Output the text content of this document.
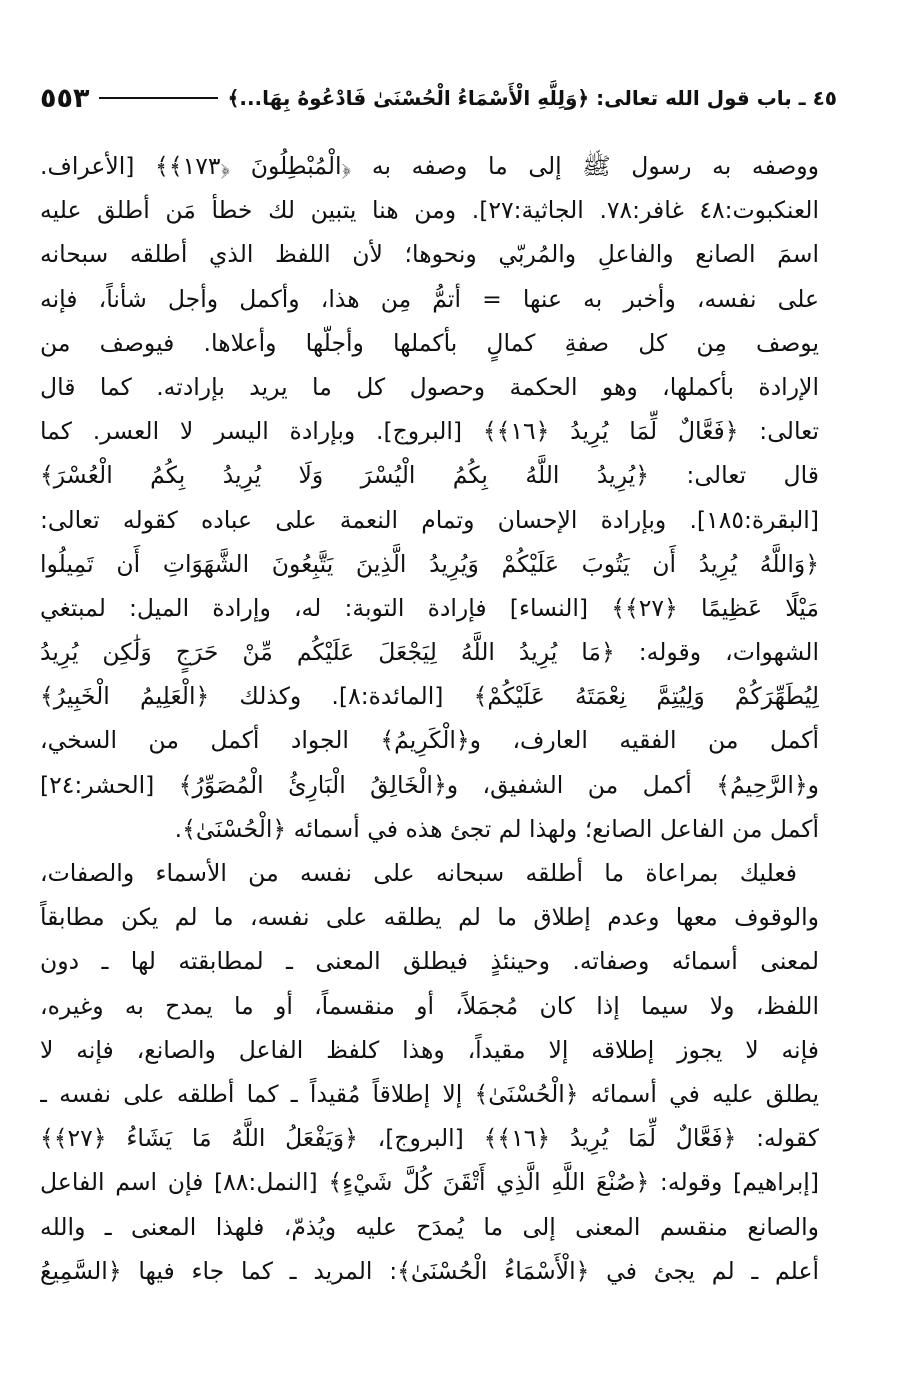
٥٥٣	٤٥ ـ باب قول الله تعالى: ﴿وَلِلَّهِ الْأَسْمَاءُ الْحُسْنَىٰ فَادْعُوهُ بِهَا...﴾
ووصفه به رسول ﷺ إلى ما وصفه به ﴿الْمُبْطِلُونَ ﴿١٧٣﴾﴾ [الأعراف.
العنكبوت:٤٨ غافر:٧٨. الجاثية:٢٧]. ومن هنا يتبين لك خطأ مَن أطلق عليه
اسمَ الصانع والفاعلِ والمُربّي ونحوها؛ لأن اللفظ الذي أطلقه سبحانه
على نفسه، وأخبر به عنها = أتمُّ مِن هذا، وأكمل وأجل شأناً، فإنه
يوصف مِن كل صفةِ كمالٍ بأكملها وأجلّها وأعلاها. فيوصف من
الإرادة بأكملها، وهو الحكمة وحصول كل ما يريد بإرادته. كما قال
تعالى: ﴿فَعَّالٌ لِّمَا يُرِيدُ ﴿١٦﴾﴾ [البروج]. وبإرادة اليسر لا العسر. كما
قال تعالى: ﴿يُرِيدُ اللَّهُ بِكُمُ الْيُسْرَ وَلَا يُرِيدُ بِكُمُ الْعُسْرَ﴾
[البقرة:١٨٥]. وبإرادة الإحسان وتمام النعمة على عباده كقوله تعالى:
﴿وَاللَّهُ يُرِيدُ أَن يَتُوبَ عَلَيْكُمْ وَيُرِيدُ الَّذِينَ يَتَّبِعُونَ الشَّهَوَاتِ أَن تَمِيلُوا
مَيْلًا عَظِيمًا ﴿٢٧﴾﴾ [النساء] فإرادة التوبة: له، وإرادة الميل: لمبتغي
الشهوات، وقوله: ﴿مَا يُرِيدُ اللَّهُ لِيَجْعَلَ عَلَيْكُم مِّنْ حَرَجٍ وَلَٰكِن يُرِيدُ
لِيُطَهِّرَكُمْ وَلِيُتِمَّ نِعْمَتَهُ عَلَيْكُمْ﴾ [المائدة:٨]. وكذلك ﴿الْعَلِيمُ الْخَبِيرُ﴾
أكمل من الفقيه العارف، و﴿الْكَرِيمُ﴾ الجواد أكمل من السخي،
و﴿الرَّحِيمُ﴾ أكمل من الشفيق، و﴿الْخَالِقُ الْبَارِئُ الْمُصَوِّرُ﴾ [الحشر:٢٤]
أكمل من الفاعل الصانع؛ ولهذا لم تجئ هذه في أسمائه ﴿الْحُسْنَىٰ﴾.
فعليك بمراعاة ما أطلقه سبحانه على نفسه من الأسماء والصفات،
والوقوف معها وعدم إطلاق ما لم يطلقه على نفسه، ما لم يكن مطابقاً
لمعنى أسمائه وصفاته. وحينئذٍ فيطلق المعنى ـ لمطابقته لها ـ دون
اللفظ، ولا سيما إذا كان مُجمَلاً، أو منقسماً، أو ما يمدح به وغيره،
فإنه لا يجوز إطلاقه إلا مقيداً، وهذا كلفظ الفاعل والصانع، فإنه لا
يطلق عليه في أسمائه ﴿الْحُسْنَىٰ﴾ إلا إطلاقاً مُقيداً ـ كما أطلقه على نفسه ـ
كقوله: ﴿فَعَّالٌ لِّمَا يُرِيدُ ﴿١٦﴾﴾ [البروج]، ﴿وَيَفْعَلُ اللَّهُ مَا يَشَاءُ ﴿٢٧﴾﴾
[إبراهيم] وقوله: ﴿صُنْعَ اللَّهِ الَّذِي أَتْقَنَ كُلَّ شَيْءٍ﴾ [النمل:٨٨] فإن اسم الفاعل
والصانع منقسم المعنى إلى ما يُمدَح عليه ويُذمّ، فلهذا المعنى ـ والله
أعلم ـ لم يجئ في ﴿الْأَسْمَاءُ الْحُسْنَىٰ﴾: المريد ـ كما جاء فيها ﴿السَّمِيعُ
